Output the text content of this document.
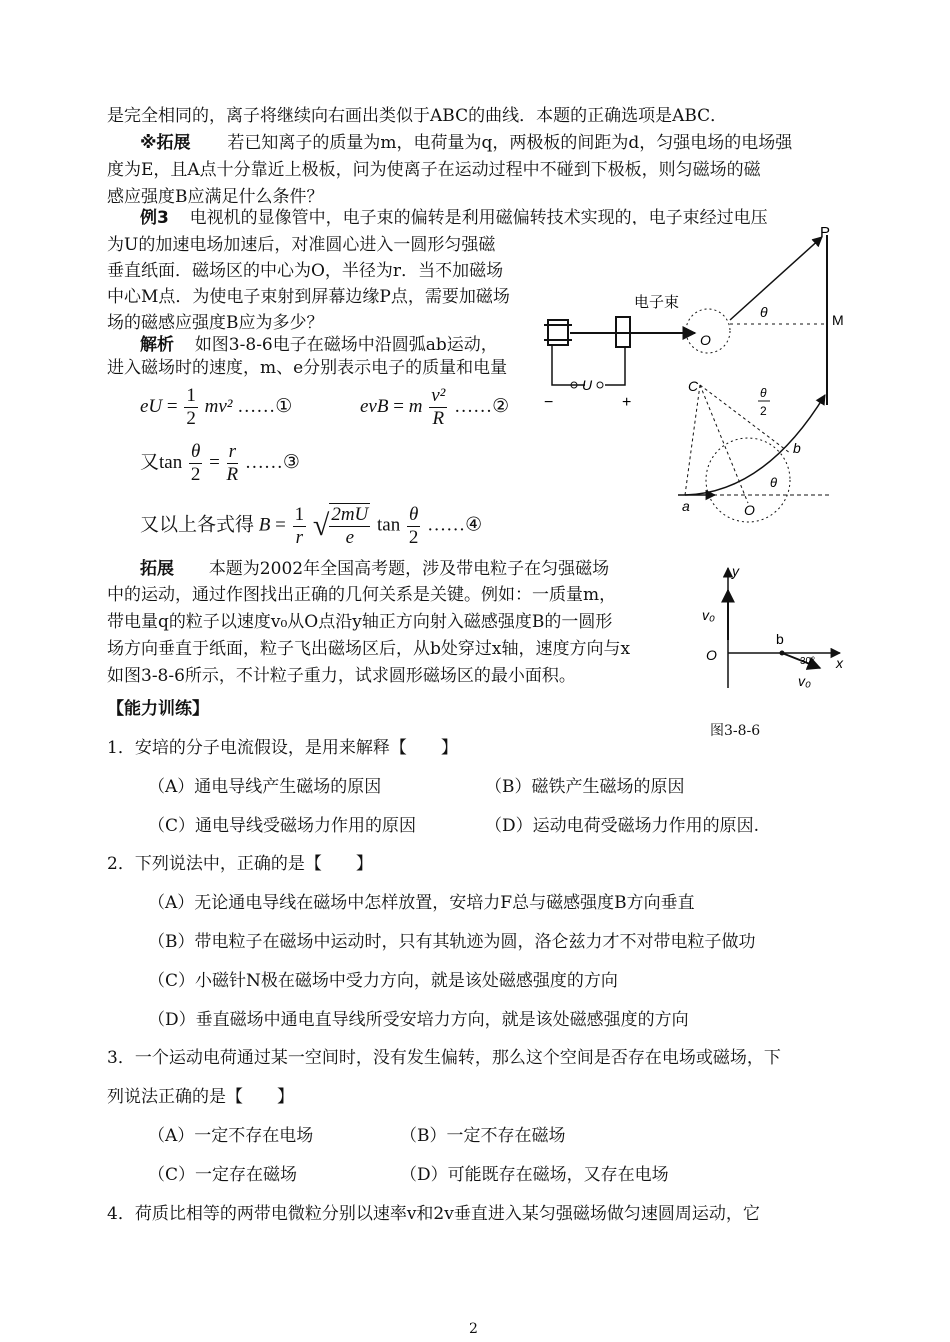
是完全相同的，离子将继续向右画出类似于ABC的曲线．本题的正确选项是ABC．
※拓展 若已知离子的质量为m，电荷量为q，两极板的间距为d，匀强电场的电场强
度为E，且A点十分靠近上极板，问为使离子在运动过程中不碰到下极板，则匀磁场的磁
感应强度B应满足什么条件？
例3 电视机的显像管中，电子束的偏转是利用磁偏转技术实现的，电子束经过电压
为U的加速电场加速后，对准圆心进入一圆形匀强磁
垂直纸面．磁场区的中心为O，半径为r．当不加磁场
中心M点．为使电子束射到屏幕边缘P点，需要加磁场
场的磁感应强度B应为多少？
解析 如图3-8-6电子在磁场中沿圆弧ab运动，
进入磁场时的速度，m、e分别表示电子的质量和电量
eU = $\frac{1}{2} mv^2$ ……①	evB = m $\frac{\text{v²}}{R}$ ……②
又$\tan \frac{\theta}{2} = \frac{r}{R}$ ……③
又以上各式得 $B = \frac{1}{r}$ √ $\frac{2mU}{e}$ $\tan \frac{\theta}{2}$ ……④
拓展 本题为2002年全国高考题，涉及带电粒子在匀强磁场
中的运动，通过作图找出正确的几何关系是关键。例如：一质量m，
带电量q的粒子以速度v₀从O点沿y轴正方向射入磁感强度B的一圆形
场方向垂直于纸面，粒子飞出磁场区后，从b处穿过x轴，速度方向与x
如图3-8-6所示，不计粒子重力，试求圆形磁场区的最小面积。
P
M
电子束
O
θ
U
−	+
C	θ
2
b
θ
a	O
y
x
v₀
O
b
30°
v₀
【能力训练】
图3-8-6
1．安培的分子电流假设，是用来解释【　　】
（A）通电导线产生磁场的原因	（B）磁铁产生磁场的原因
（C）通电导线受磁场力作用的原因	（D）运动电荷受磁场力作用的原因.
2．下列说法中，正确的是【　　】
（A）无论通电导线在磁场中怎样放置，安培力F总与磁感强度B方向垂直
（B）带电粒子在磁场中运动时，只有其轨迹为圆，洛仑兹力才不对带电粒子做功
（C）小磁针N极在磁场中受力方向，就是该处磁感强度的方向
（D）垂直磁场中通电直导线所受安培力方向，就是该处磁感强度的方向
3．一个运动电荷通过某一空间时，没有发生偏转，那么这个空间是否存在电场或磁场，下
列说法正确的是【　　】
（A）一定不存在电场	（B）一定不存在磁场
（C）一定存在磁场	（D）可能既存在磁场，又存在电场
4．荷质比相等的两带电微粒分别以速率v和2v垂直进入某匀强磁场做匀速圆周运动，它
2
